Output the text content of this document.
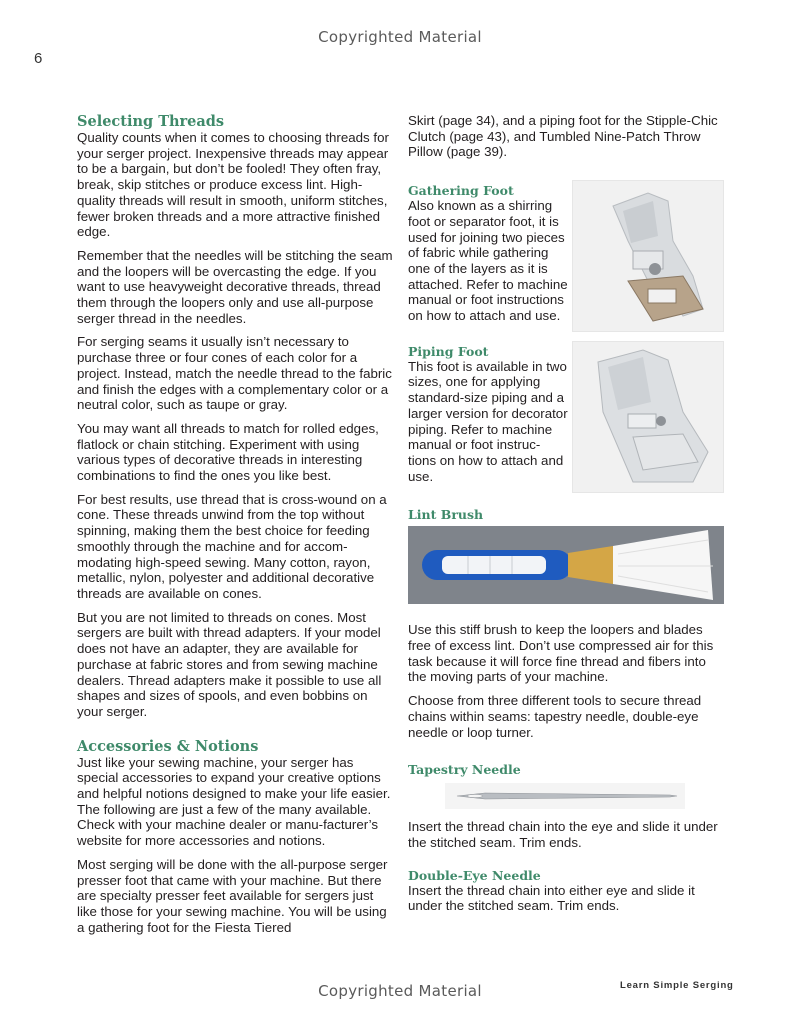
Copyrighted Material
6
Selecting Threads

Quality counts when it comes to choosing threads for your serger project. Inexpensive threads may appear to be a bargain, but don’t be fooled! They often fray, break, skip stitches or produce excess lint. High-quality threads will result in smooth, uniform stitches, fewer broken threads and a more attractive finished edge.

Remember that the needles will be stitching the seam and the loopers will be overcasting the edge. If you want to use heavyweight decorative threads, thread them through the loopers only and use all-purpose serger thread in the needles.

For serging seams it usually isn’t necessary to purchase three or four cones of each color for a project. Instead, match the needle thread to the fabric and finish the edges with a complementary color or a neutral color, such as taupe or gray.

You may want all threads to match for rolled edges, flatlock or chain stitching. Experiment with using various types of decorative threads in interesting combinations to find the ones you like best.

For best results, use thread that is cross-wound on a cone. These threads unwind from the top without spinning, making them the best choice for feeding smoothly through the machine and for accom-modating high-speed sewing. Many cotton, rayon, metallic, nylon, polyester and additional decorative threads are available on cones.

But you are not limited to threads on cones. Most sergers are built with thread adapters. If your model does not have an adapter, they are available for purchase at fabric stores and from sewing machine dealers. Thread adapters make it possible to use all shapes and sizes of spools, and even bobbins on your serger.

Accessories & Notions

Just like your sewing machine, your serger has special accessories to expand your creative options and helpful notions designed to make your life easier. The following are just a few of the many available. Check with your machine dealer or manu-facturer’s website for more accessories and notions.

Most serging will be done with the all-purpose serger presser foot that came with your machine. But there are specialty presser feet available for sergers just like those for your sewing machine. You will be using a gathering foot for the Fiesta Tiered

Skirt (page 34), and a piping foot for the Stipple-Chic Clutch (page 43), and Tumbled Nine-Patch Throw Pillow (page 39).

Gathering Foot

Also known as a shirring foot or separator foot, it is used for joining two pieces of fabric while gathering one of the layers as it is attached. Refer to machine manual or foot instructions on how to attach and use.

Piping Foot

This foot is available in two sizes, one for applying standard-size piping and a larger version for decorator piping. Refer to machine manual or foot instruc-tions on how to attach and use.

Lint Brush

Use this stiff brush to keep the loopers and blades free of excess lint. Don’t use compressed air for this task because it will force fine thread and fibers into the moving parts of your machine.

Choose from three different tools to secure thread chains within seams: tapestry needle, double-eye needle or loop turner.

Tapestry Needle

Insert the thread chain into the eye and slide it under the stitched seam. Trim ends.

Double-Eye Needle

Insert the thread chain into either eye and slide it under the stitched seam. Trim ends.

Learn Simple Serging
Copyrighted Material
